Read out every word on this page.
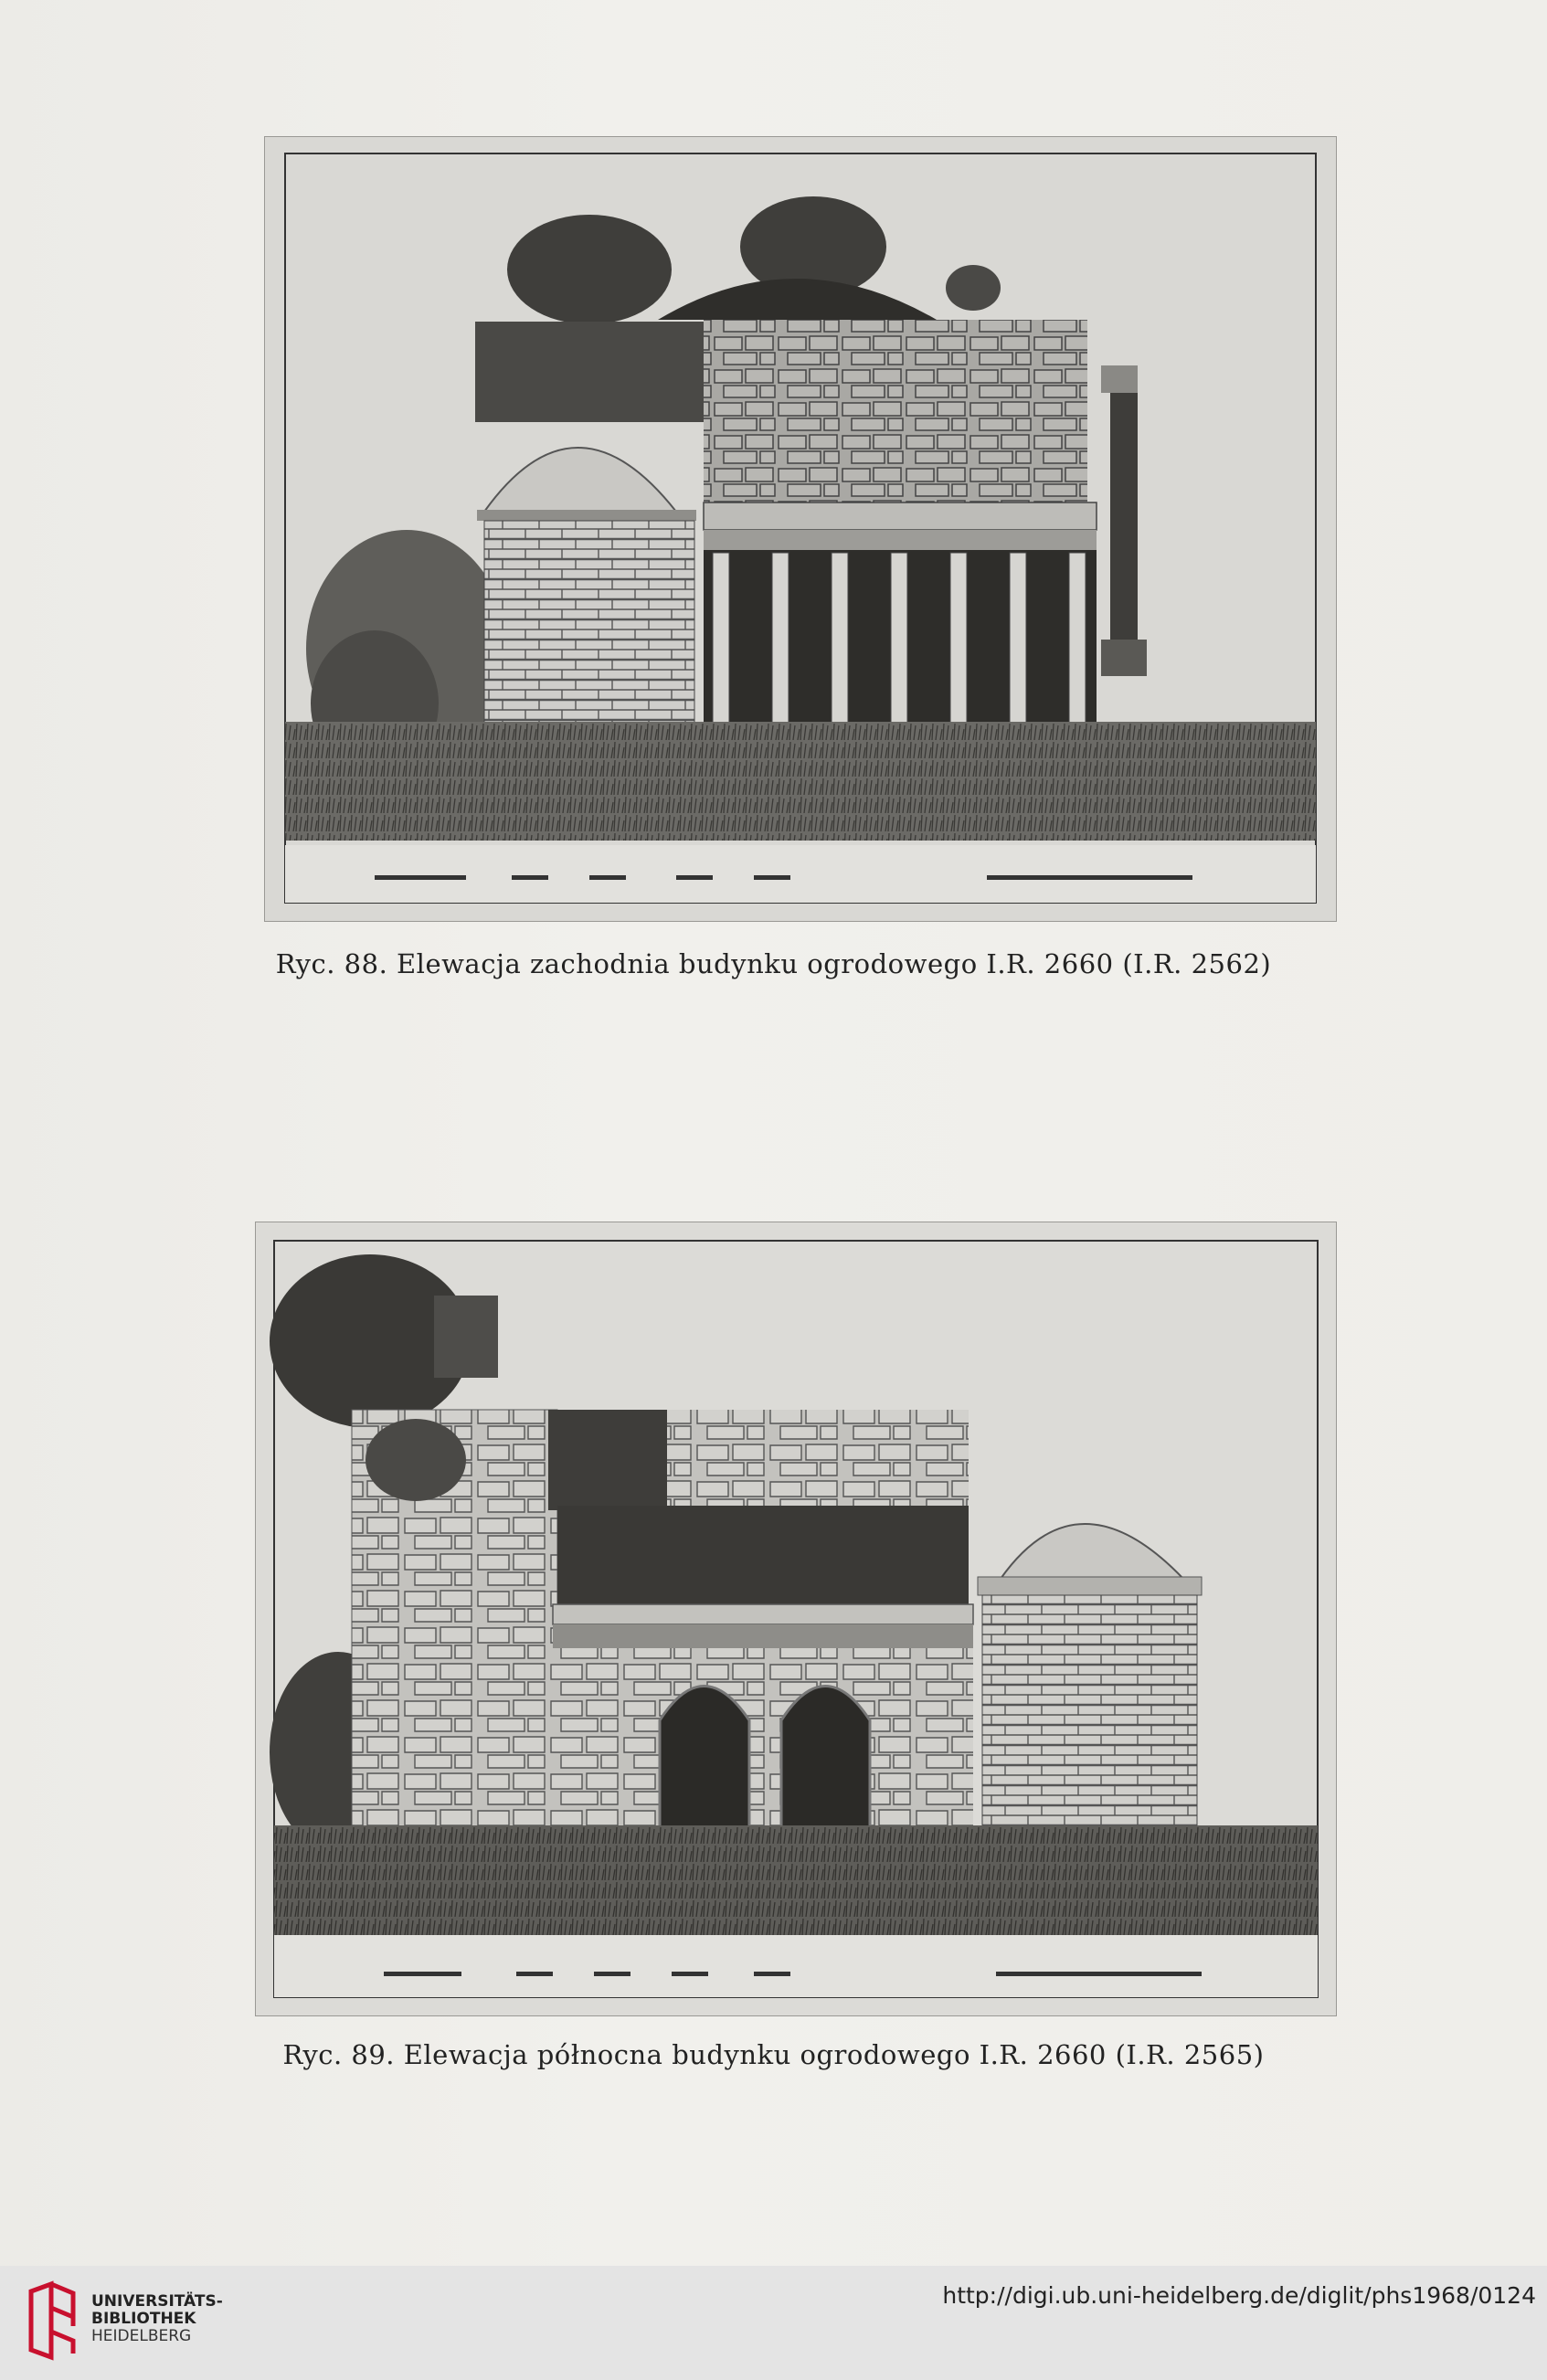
Ryc. 88. Elewacja zachodnia budynku ogrodowego I.R. 2660 (I.R. 2562)
Ryc. 89. Elewacja północna budynku ogrodowego I.R. 2660 (I.R. 2565)
UNIVERSITÄTS-
BIBLIOTHEK
HEIDELBERG
http://digi.ub.uni-heidelberg.de/diglit/phs1968/0124
